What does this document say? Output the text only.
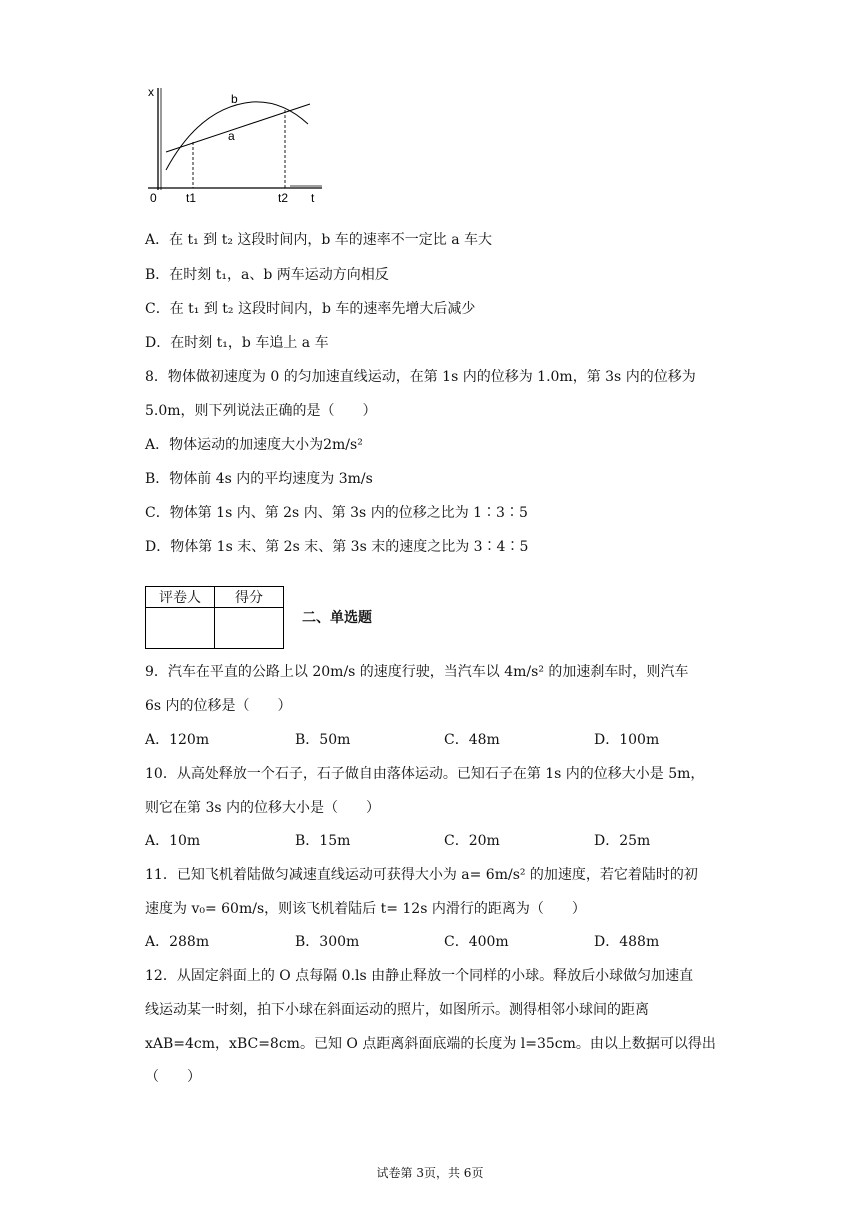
x
t
0
b
a
t1	t2
A．在 t₁ 到 t₂ 这段时间内，b 车的速率不一定比 a 车大
B．在时刻 t₁，a、b 两车运动方向相反
C．在 t₁ 到 t₂ 这段时间内，b 车的速率先增大后减少
D．在时刻 t₁，b 车追上 a 车
8．物体做初速度为 0 的匀加速直线运动，在第 1s 内的位移为 1.0m，第 3s 内的位移为
5.0m，则下列说法正确的是（　　）
A．物体运动的加速度大小为2m/s²
B．物体前 4s 内的平均速度为 3m/s
C．物体第 1s 内、第 2s 内、第 3s 内的位移之比为 1∶3∶5
D．物体第 1s 末、第 2s 末、第 3s 末的速度之比为 3∶4∶5
评卷人	得分

二、单选题
9．汽车在平直的公路上以 20m/s 的速度行驶，当汽车以 4m/s² 的加速刹车时，则汽车
6s 内的位移是（　　）
A．120m	B．50m	C．48m	D．100m
10．从高处释放一个石子，石子做自由落体运动。已知石子在第 1s 内的位移大小是 5m，
则它在第 3s 内的位移大小是（　　）
A．10m	B．15m	C．20m	D．25m
11．已知飞机着陆做匀减速直线运动可获得大小为 a= 6m/s² 的加速度，若它着陆时的初
速度为 v₀= 60m/s，则该飞机着陆后 t= 12s 内滑行的距离为（　　）
A．288m	B．300m	C．400m	D．488m
12．从固定斜面上的 O 点每隔 0.ls 由静止释放一个同样的小球。释放后小球做匀加速直
线运动某一时刻，拍下小球在斜面运动的照片，如图所示。测得相邻小球间的距离
xAB=4cm，xBC=8cm。已知 O 点距离斜面底端的长度为 l=35cm。由以上数据可以得出
（　　）
试卷第 3页，共 6页
